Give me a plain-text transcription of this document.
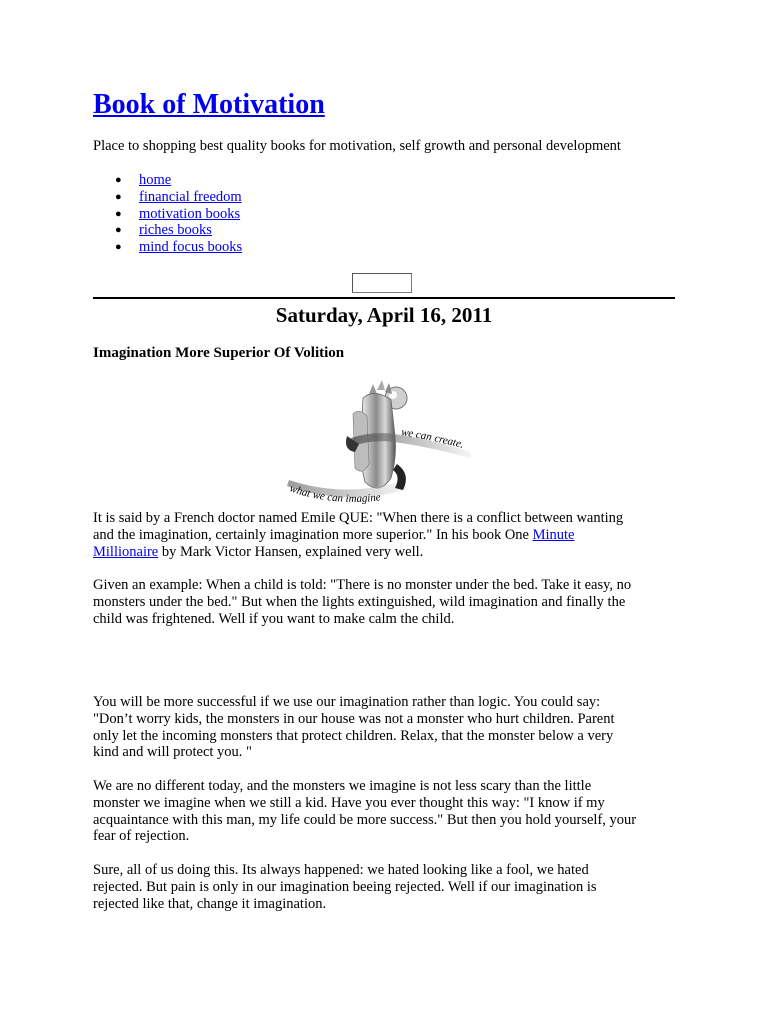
Book of Motivation

Place to shopping best quality books for motivation, self growth and personal development

● home
● financial freedom
● motivation books
● riches books
● mind focus books
Saturday, April 16, 2011
Imagination More Superior Of Volition
we can create.
what we can imagine

It is said by a French doctor named Emile QUE: "When there is a conflict between wanting
and the imagination, certainly imagination more superior." In his book One Minute
Millionaire by Mark Victor Hansen, explained very well.

Given an example: When a child is told: "There is no monster under the bed. Take it easy, no
monsters under the bed." But when the lights extinguished, wild imagination and finally the
child was frightened. Well if you want to make calm the child.

You will be more successful if we use our imagination rather than logic. You could say:
"Don’t worry kids, the monsters in our house was not a monster who hurt children. Parent
only let the incoming monsters that protect children. Relax, that the monster below a very
kind and will protect you. "

We are no different today, and the monsters we imagine is not less scary than the little
monster we imagine when we still a kid. Have you ever thought this way: "I know if my
acquaintance with this man, my life could be more success." But then you hold yourself, your
fear of rejection.

Sure, all of us doing this. Its always happened: we hated looking like a fool, we hated
rejected. But pain is only in our imagination beeing rejected. Well if our imagination is
rejected like that, change it imagination.
